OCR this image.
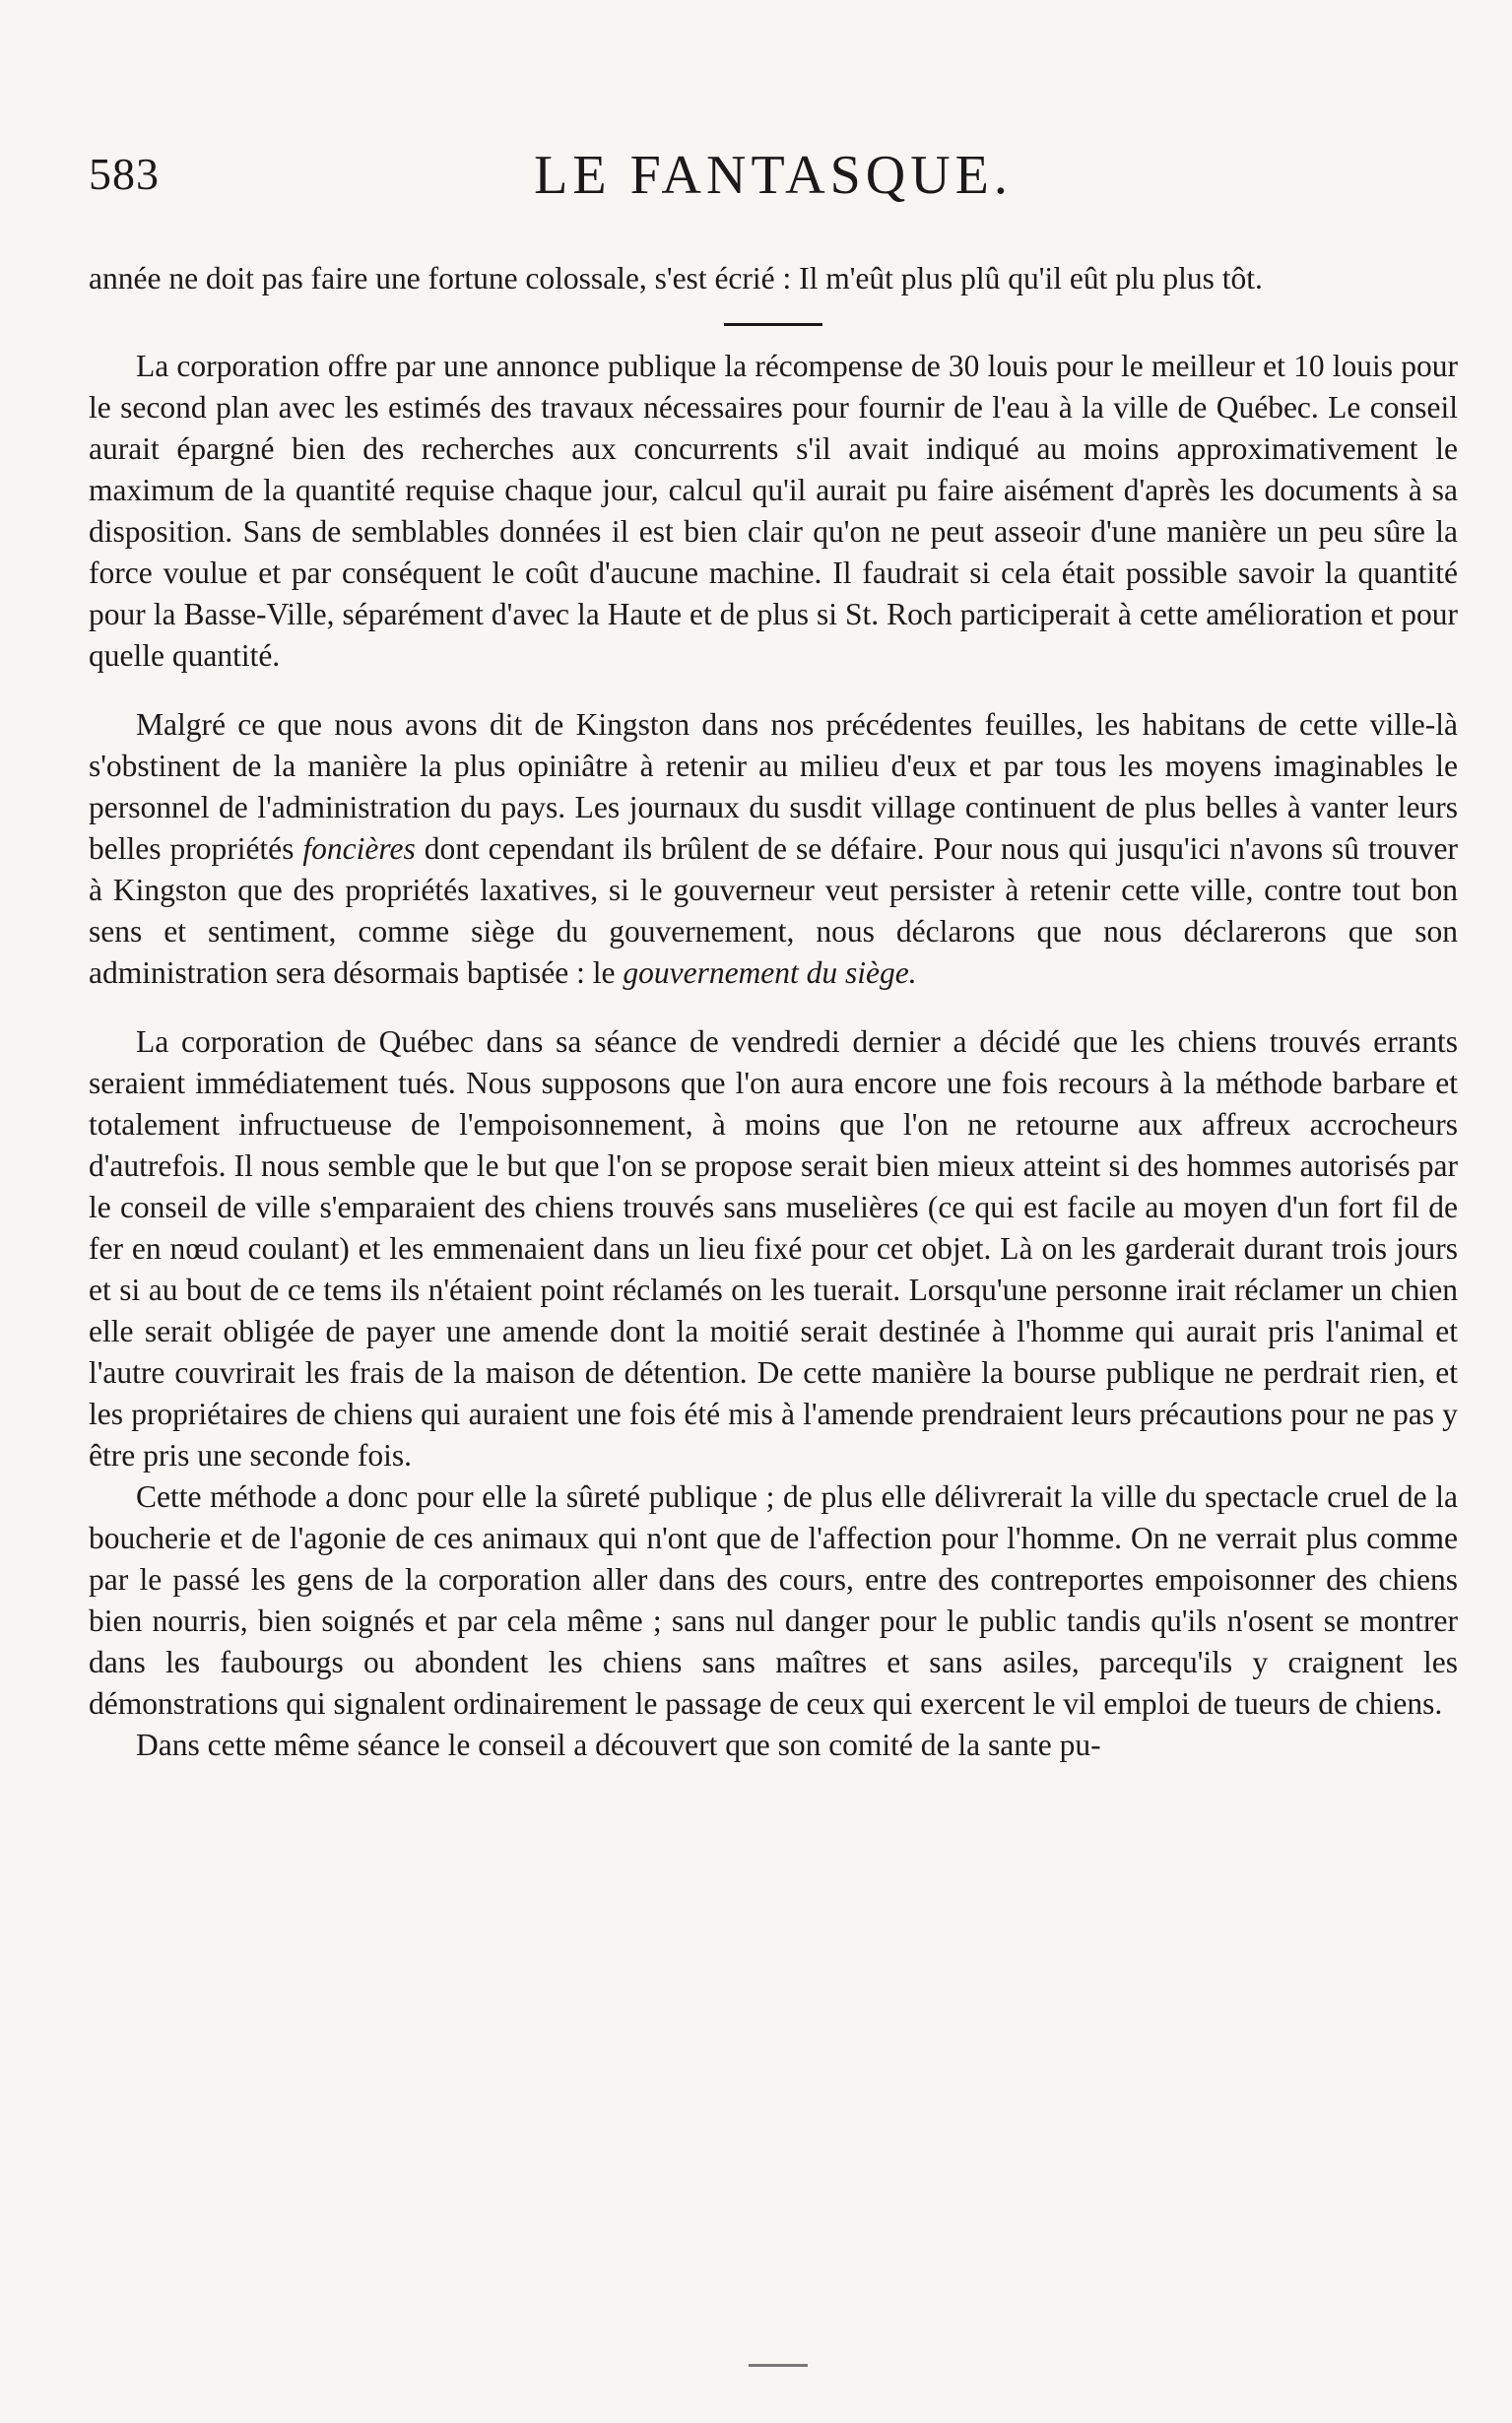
583	LE FANTASQUE.

année ne doit pas faire une fortune colossale, s'est écrié : Il m'eût plus plû qu'il eût plu plus tôt.

La corporation offre par une annonce publique la récompense de 30 louis pour le meilleur et 10 louis pour le second plan avec les estimés des travaux nécessaires pour fournir de l'eau à la ville de Québec. Le conseil aurait épargné bien des recherches aux concurrents s'il avait indiqué au moins approximativement le maximum de la quantité requise chaque jour, calcul qu'il aurait pu faire aisément d'après les documents à sa disposition. Sans de semblables données il est bien clair qu'on ne peut asseoir d'une manière un peu sûre la force voulue et par conséquent le coût d'aucune machine. Il faudrait si cela était possible savoir la quantité pour la Basse-Ville, séparément d'avec la Haute et de plus si St. Roch participerait à cette amélioration et pour quelle quantité.

Malgré ce que nous avons dit de Kingston dans nos précédentes feuilles, les habitans de cette ville-là s'obstinent de la manière la plus opiniâtre à retenir au milieu d'eux et par tous les moyens imaginables le personnel de l'administration du pays. Les journaux du susdit village continuent de plus belles à vanter leurs belles propriétés foncières dont cependant ils brûlent de se défaire. Pour nous qui jusqu'ici n'avons sû trouver à Kingston que des propriétés laxatives, si le gouverneur veut persister à retenir cette ville, contre tout bon sens et sentiment, comme siège du gouvernement, nous déclarons que nous déclarerons que son administration sera désormais baptisée : le gouvernement du siège.

La corporation de Québec dans sa séance de vendredi dernier a décidé que les chiens trouvés errants seraient immédiatement tués. Nous supposons que l'on aura encore une fois recours à la méthode barbare et totalement infructueuse de l'empoisonnement, à moins que l'on ne retourne aux affreux accrocheurs d'autrefois. Il nous semble que le but que l'on se propose serait bien mieux atteint si des hommes autorisés par le conseil de ville s'emparaient des chiens trouvés sans muselières (ce qui est facile au moyen d'un fort fil de fer en nœud coulant) et les emmenaient dans un lieu fixé pour cet objet. Là on les garderait durant trois jours et si au bout de ce tems ils n'étaient point réclamés on les tuerait. Lorsqu'une personne irait réclamer un chien elle serait obligée de payer une amende dont la moitié serait destinée à l'homme qui aurait pris l'animal et l'autre couvrirait les frais de la maison de détention. De cette manière la bourse publique ne perdrait rien, et les propriétaires de chiens qui auraient une fois été mis à l'amende prendraient leurs précautions pour ne pas y être pris une seconde fois.

Cette méthode a donc pour elle la sûreté publique ; de plus elle délivrerait la ville du spectacle cruel de la boucherie et de l'agonie de ces animaux qui n'ont que de l'affection pour l'homme. On ne verrait plus comme par le passé les gens de la corporation aller dans des cours, entre des contreportes empoisonner des chiens bien nourris, bien soignés et par cela même ; sans nul danger pour le public tandis qu'ils n'osent se montrer dans les faubourgs ou abondent les chiens sans maîtres et sans asiles, parcequ'ils y craignent les démonstrations qui signalent ordinairement le passage de ceux qui exercent le vil emploi de tueurs de chiens.

Dans cette même séance le conseil a découvert que son comité de la sante pu-
